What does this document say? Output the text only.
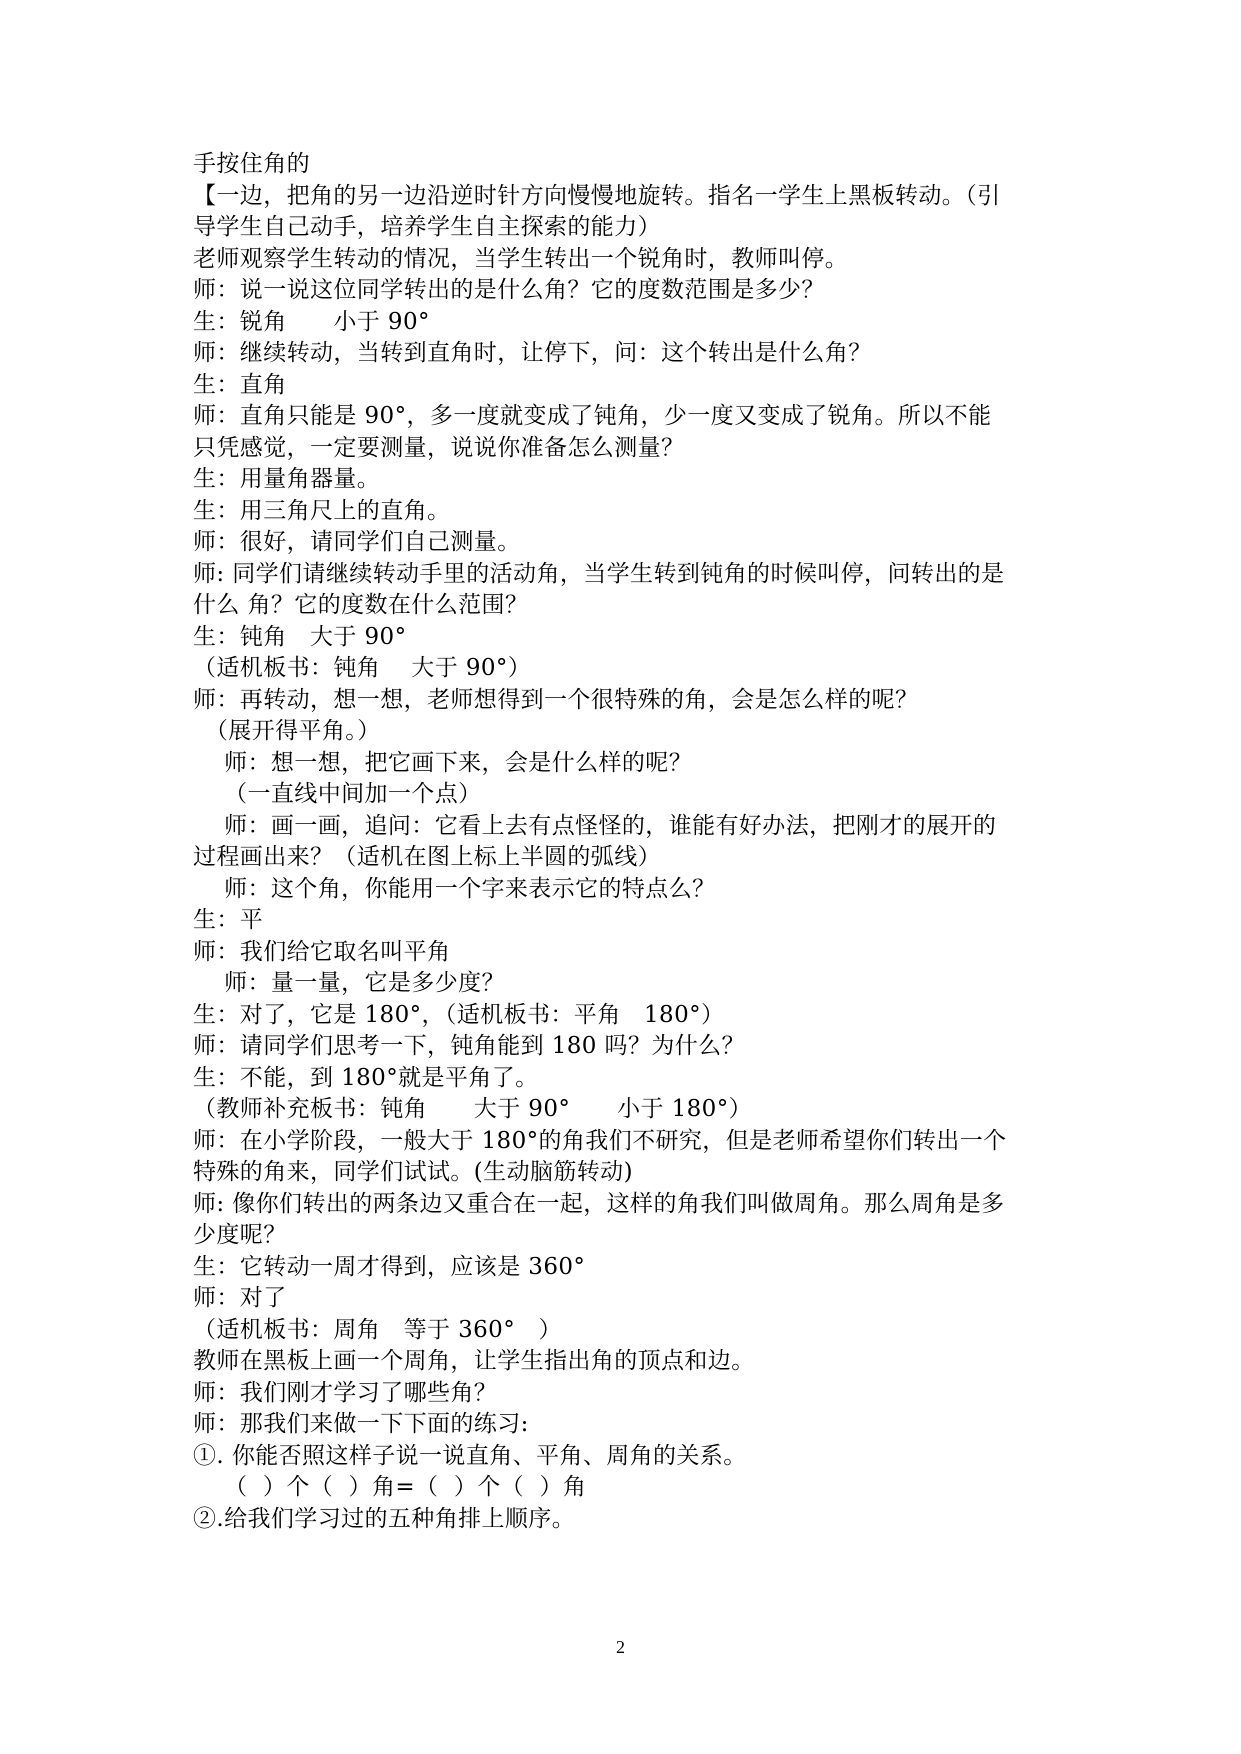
手按住角的
【一边，把角的另一边沿逆时针方向慢慢地旋转。指名一学生上黑板转动。（引
导学生自己动手，培养学生自主探索的能力）
老师观察学生转动的情况，当学生转出一个锐角时，教师叫停。
师：说一说这位同学转出的是什么角？它的度数范围是多少？
生：锐角　　小于 90°
师：继续转动，当转到直角时，让停下，问：这个转出是什么角？
生：直角
师：直角只能是 90°，多一度就变成了钝角，少一度又变成了锐角。所以不能
只凭感觉，一定要测量，说说你准备怎么测量？
生：用量角器量。
生：用三角尺上的直角。
师：很好，请同学们自己测量。
师: 同学们请继续转动手里的活动角，当学生转到钝角的时候叫停，问转出的是
什么 角？它的度数在什么范围？
生：钝角　大于 90°
（适机板书：钝角　 大于 90°）
师：再转动，想一想，老师想得到一个很特殊的角，会是怎么样的呢？
　（展开得平角。）
　 师：想一想，把它画下来，会是什么样的呢？
　 （一直线中间加一个点）
　 师：画一画，追问：它看上去有点怪怪的，谁能有好办法，把刚才的展开的
过程画出来？（适机在图上标上半圆的弧线）
　 师：这个角，你能用一个字来表示它的特点么？
生：平
师：我们给它取名叫平角
　 师：量一量，它是多少度？
生：对了，它是 180°，（适机板书：平角　180°）
师：请同学们思考一下，钝角能到 180 吗？为什么？
生：不能，到 180°就是平角了。
（教师补充板书：钝角　　大于 90°　　小于 180°）
师：在小学阶段，一般大于 180°的角我们不研究，但是老师希望你们转出一个
特殊的角来，同学们试试。(生动脑筋转动)
师: 像你们转出的两条边又重合在一起，这样的角我们叫做周角。那么周角是多
少度呢？
生：它转动一周才得到，应该是 360°
师：对了
（适机板书：周角　等于 360°　）
教师在黑板上画一个周角，让学生指出角的顶点和边。
师：我们刚才学习了哪些角？
师：那我们来做一下下面的练习:
①. 你能否照这样子说一说直角、平角、周角的关系。
　 （  ）个（  ）角=（  ）个（  ）角
②.给我们学习过的五种角排上顺序。
2
